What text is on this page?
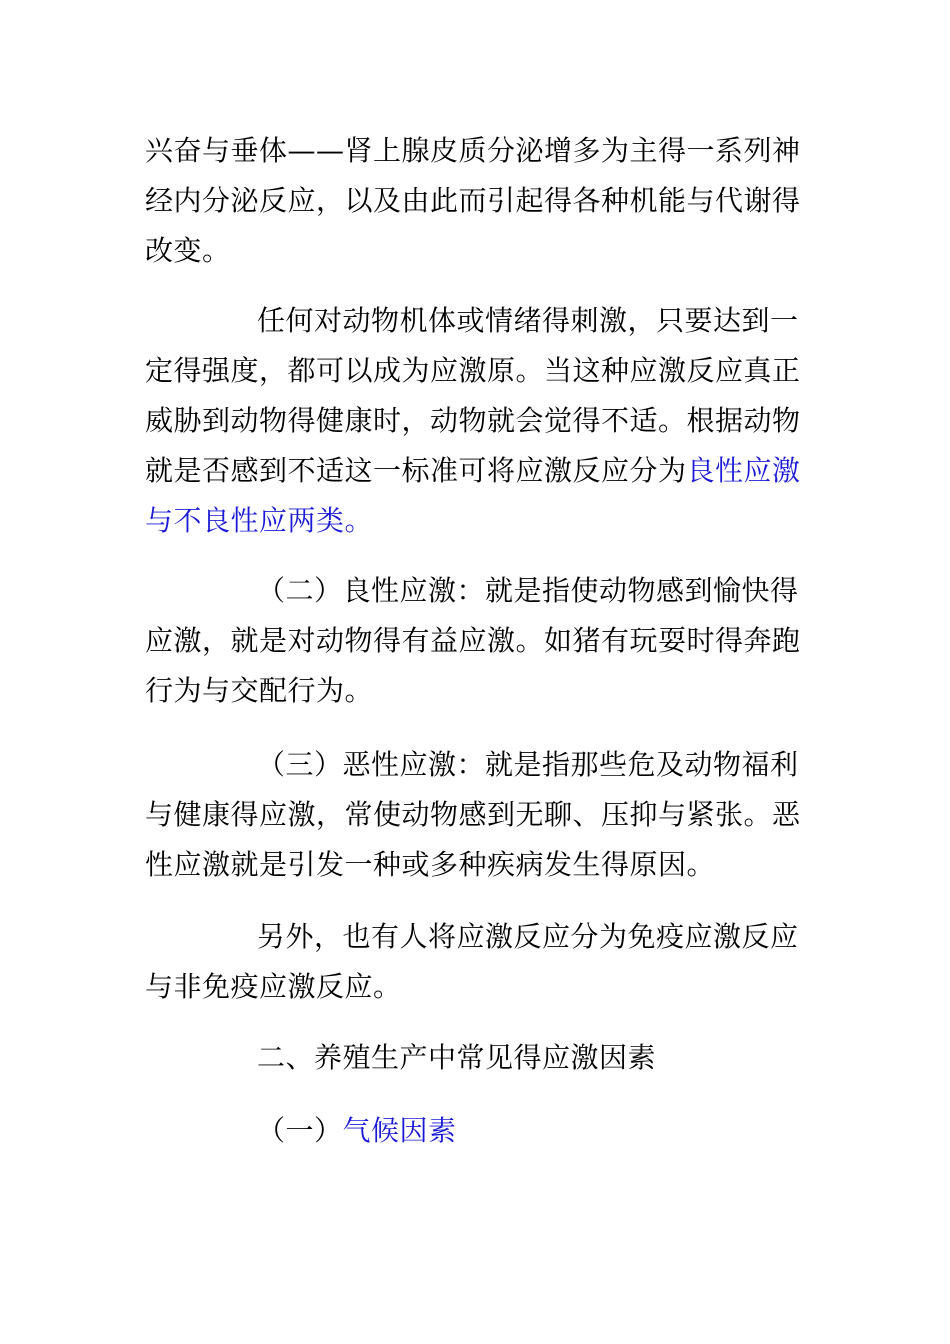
兴奋与垂体——肾上腺皮质分泌增多为主得一系列神经内分泌反应，以及由此而引起得各种机能与代谢得改变。

任何对动物机体或情绪得刺激，只要达到一定得强度，都可以成为应激原。当这种应激反应真正威胁到动物得健康时，动物就会觉得不适。根据动物就是否感到不适这一标准可将应激反应分为良性应激与不良性应两类。

（二）良性应激：就是指使动物感到愉快得应激，就是对动物得有益应激。如猪有玩耍时得奔跑行为与交配行为。

（三）恶性应激：就是指那些危及动物福利与健康得应激，常使动物感到无聊、压抑与紧张。恶性应激就是引发一种或多种疾病发生得原因。

另外，也有人将应激反应分为免疫应激反应与非免疫应激反应。

二、养殖生产中常见得应激因素

（一）气候因素
